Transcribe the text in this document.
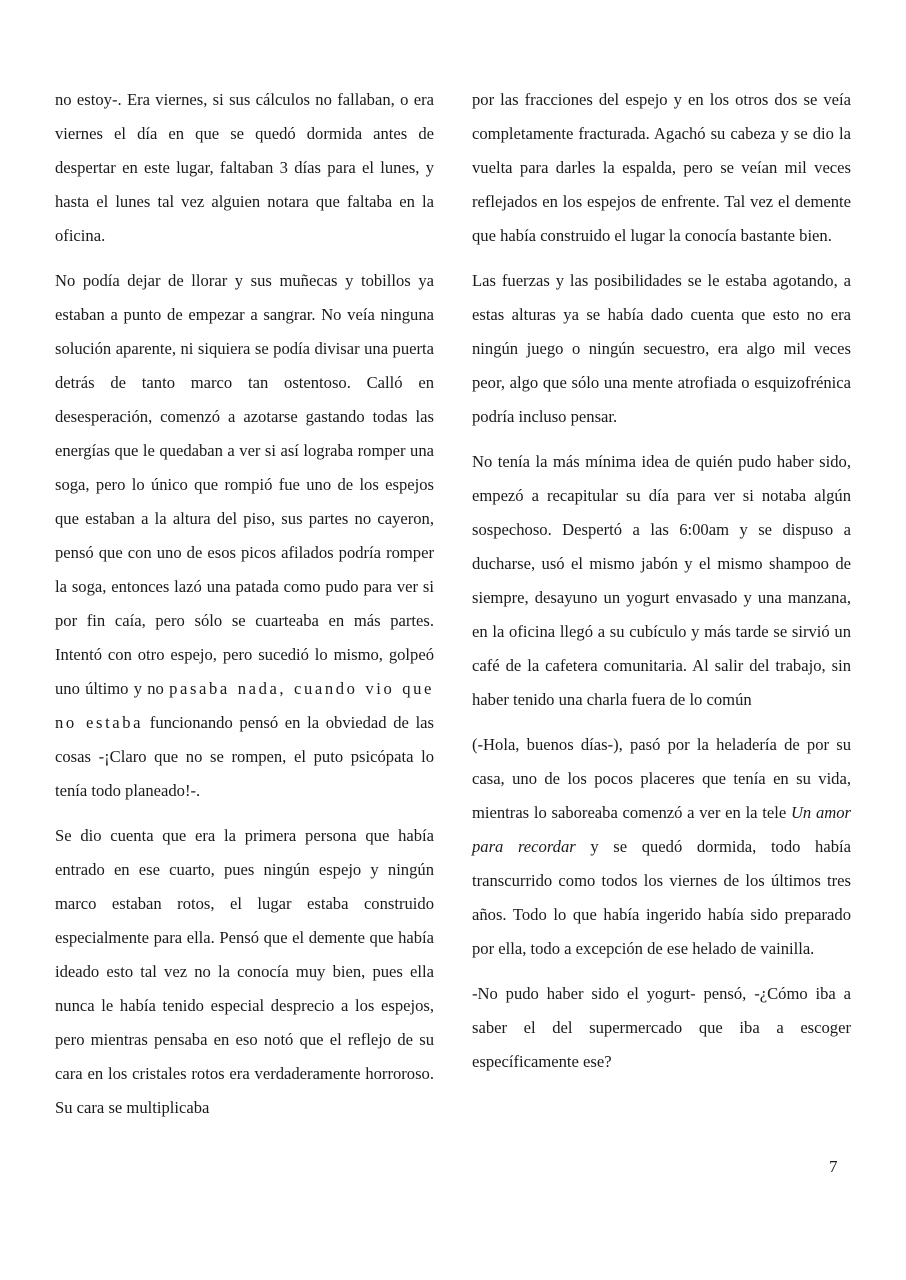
no estoy-. Era viernes, si sus cálculos no fallaban, o era viernes el día en que se quedó dormida antes de despertar en este lugar, faltaban 3 días para el lunes, y hasta el lunes tal vez alguien notara que faltaba en la oficina.

No podía dejar de llorar y sus muñecas y tobillos ya estaban a punto de empezar a sangrar. No veía ninguna solución aparente, ni siquiera se podía divisar una puerta detrás de tanto marco tan ostentoso. Calló en desesperación, comenzó a azotarse gastando todas las energías que le quedaban a ver si así lograba romper una soga, pero lo único que rompió fue uno de los espejos que estaban a la altura del piso, sus partes no cayeron, pensó que con uno de esos picos afilados podría romper la soga, entonces lazó una patada como pudo para ver si por fin caía, pero sólo se cuarteaba en más partes. Intentó con otro espejo, pero sucedió lo mismo, golpeó uno último y no pasaba nada, cuando vio que no estaba funcionando pensó en la obviedad de las cosas -¡Claro que no se rompen, el puto psicópata lo tenía todo planeado!-.

Se dio cuenta que era la primera persona que había entrado en ese cuarto, pues ningún espejo y ningún marco estaban rotos, el lugar estaba construido especialmente para ella. Pensó que el demente que había ideado esto tal vez no la conocía muy bien, pues ella nunca le había tenido especial desprecio a los espejos, pero mientras pensaba en eso notó que el reflejo de su cara en los cristales rotos era verdaderamente horroroso. Su cara se multiplicaba

por las fracciones del espejo y en los otros dos se veía completamente fracturada. Agachó su cabeza y se dio la vuelta para darles la espalda, pero se veían mil veces reflejados en los espejos de enfrente. Tal vez el demente que había construido el lugar la conocía bastante bien.

Las fuerzas y las posibilidades se le estaba agotando, a estas alturas ya se había dado cuenta que esto no era ningún juego o ningún secuestro, era algo mil veces peor, algo que sólo una mente atrofiada o esquizofrénica podría incluso pensar.

No tenía la más mínima idea de quién pudo haber sido, empezó a recapitular su día para ver si notaba algún sospechoso. Despertó a las 6:00am y se dispuso a ducharse, usó el mismo jabón y el mismo shampoo de siempre, desayuno un yogurt envasado y una manzana, en la oficina llegó a su cubículo y más tarde se sirvió un café de la cafetera comunitaria. Al salir del trabajo, sin haber tenido una charla fuera de lo común

(-Hola, buenos días-), pasó por la heladería de por su casa, uno de los pocos placeres que tenía en su vida, mientras lo saboreaba comenzó a ver en la tele Un amor para recordar y se quedó dormida, todo había transcurrido como todos los viernes de los últimos tres años. Todo lo que había ingerido había sido preparado por ella, todo a excepción de ese helado de vainilla.

-No pudo haber sido el yogurt- pensó, -¿Cómo iba a saber el del supermercado que iba a escoger específicamente ese?

7
